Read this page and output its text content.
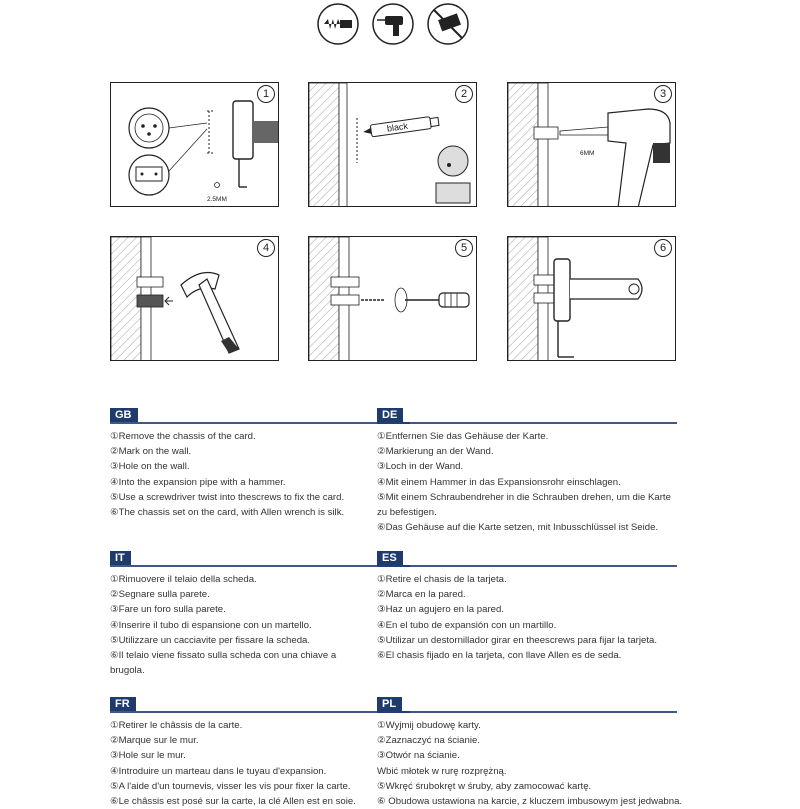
2.5MM
1
black
2
6MM
3
4	5	6
GB
①Remove the chassis of the card.
②Mark on the wall.
③Hole on the wall.
④Into the expansion pipe with a hammer.
⑤Use a screwdriver twist into thescrews to fix the card.
⑥The chassis set on the card, with Allen wrench is silk.
DE
①Entfernen Sie das Gehäuse der Karte.
②Markierung an der Wand.
③Loch in der Wand.
④Mit einem Hammer in das Expansionsrohr einschlagen.
⑤Mit einem Schraubendreher in die Schrauben drehen, um die Karte zu befestigen.
⑥Das Gehäuse auf die Karte setzen, mit Inbusschlüssel ist Seide.
IT
①Rimuovere il telaio della scheda.
②Segnare sulla parete.
③Fare un foro sulla parete.
④Inserire il tubo di espansione con un martello.
⑤Utilizzare un cacciavite per fissare la scheda.
⑥Il telaio viene fissato sulla scheda con una chiave a brugola.
ES
①Retire el chasis de la tarjeta.
②Marca en la pared.
③Haz un agujero en la pared.
④En el tubo de expansión con un martillo.
⑤Utilizar un destornillador girar en theescrews para fijar la tarjeta.
⑥El chasis fijado en la tarjeta, con llave Allen es de seda.
FR
①Retirer le châssis de la carte.
②Marque sur le mur.
③Hole sur le mur.
④Introduire un marteau dans le tuyau d'expansion.
⑤A l'aide d'un tournevis, visser les vis pour fixer la carte.
⑥Le châssis est posé sur la carte, la clé Allen est en soie.
PL
①Wyjmij obudowę karty.
②Zaznaczyć na ścianie.
③Otwór na ścianie.
Wbić młotek w rurę rozprężną.
⑤Wkręć śrubokręt w śruby, aby zamocować kartę.
⑥ Obudowa ustawiona na karcie, z kluczem imbusowym jest jedwabna.
